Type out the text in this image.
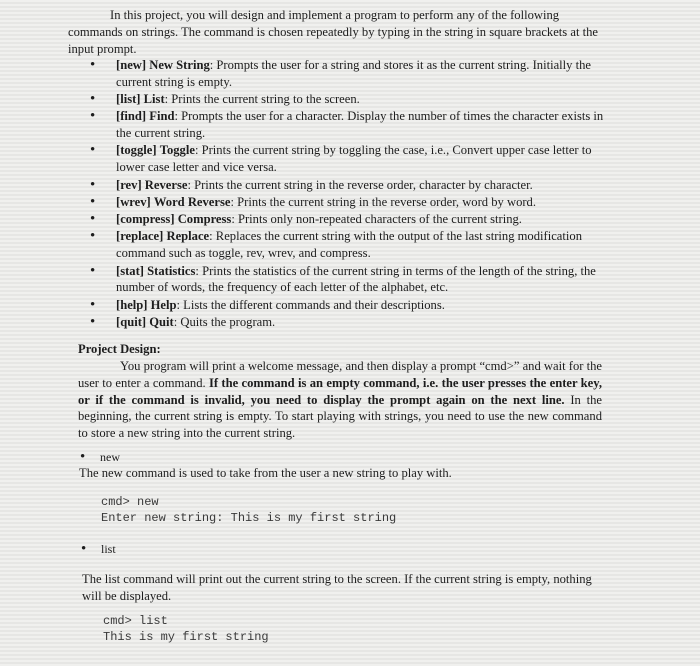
In this project, you will design and implement a program to perform any of the following commands on strings. The command is chosen repeatedly by typing in the string in square brackets at the input prompt.
• [new] New String: Prompts the user for a string and stores it as the current string. Initially the current string is empty.
• [list] List: Prints the current string to the screen.
• [find] Find: Prompts the user for a character. Display the number of times the character exists in the current string.
• [toggle] Toggle: Prints the current string by toggling the case, i.e., Convert upper case letter to lower case letter and vice versa.
• [rev] Reverse: Prints the current string in the reverse order, character by character.
• [wrev] Word Reverse: Prints the current string in the reverse order, word by word.
• [compress] Compress: Prints only non-repeated characters of the current string.
• [replace] Replace: Replaces the current string with the output of the last string modification command such as toggle, rev, wrev, and compress.
• [stat] Statistics: Prints the statistics of the current string in terms of the length of the string, the number of words, the frequency of each letter of the alphabet, etc.
• [help] Help: Lists the different commands and their descriptions.
• [quit] Quit: Quits the program.
Project Design:
You program will print a welcome message, and then display a prompt “cmd>” and wait for the user to enter a command. If the command is an empty command, i.e. the user presses the enter key, or if the command is invalid, you need to display the prompt again on the next line. In the beginning, the current string is empty. To start playing with strings, you need to use the new command to store a new string into the current string.
• new
The new command is used to take from the user a new string to play with.
cmd> new
Enter new string: This is my first string
• list
The list command will print out the current string to the screen. If the current string is empty, nothing will be displayed.
cmd> list
This is my first string
